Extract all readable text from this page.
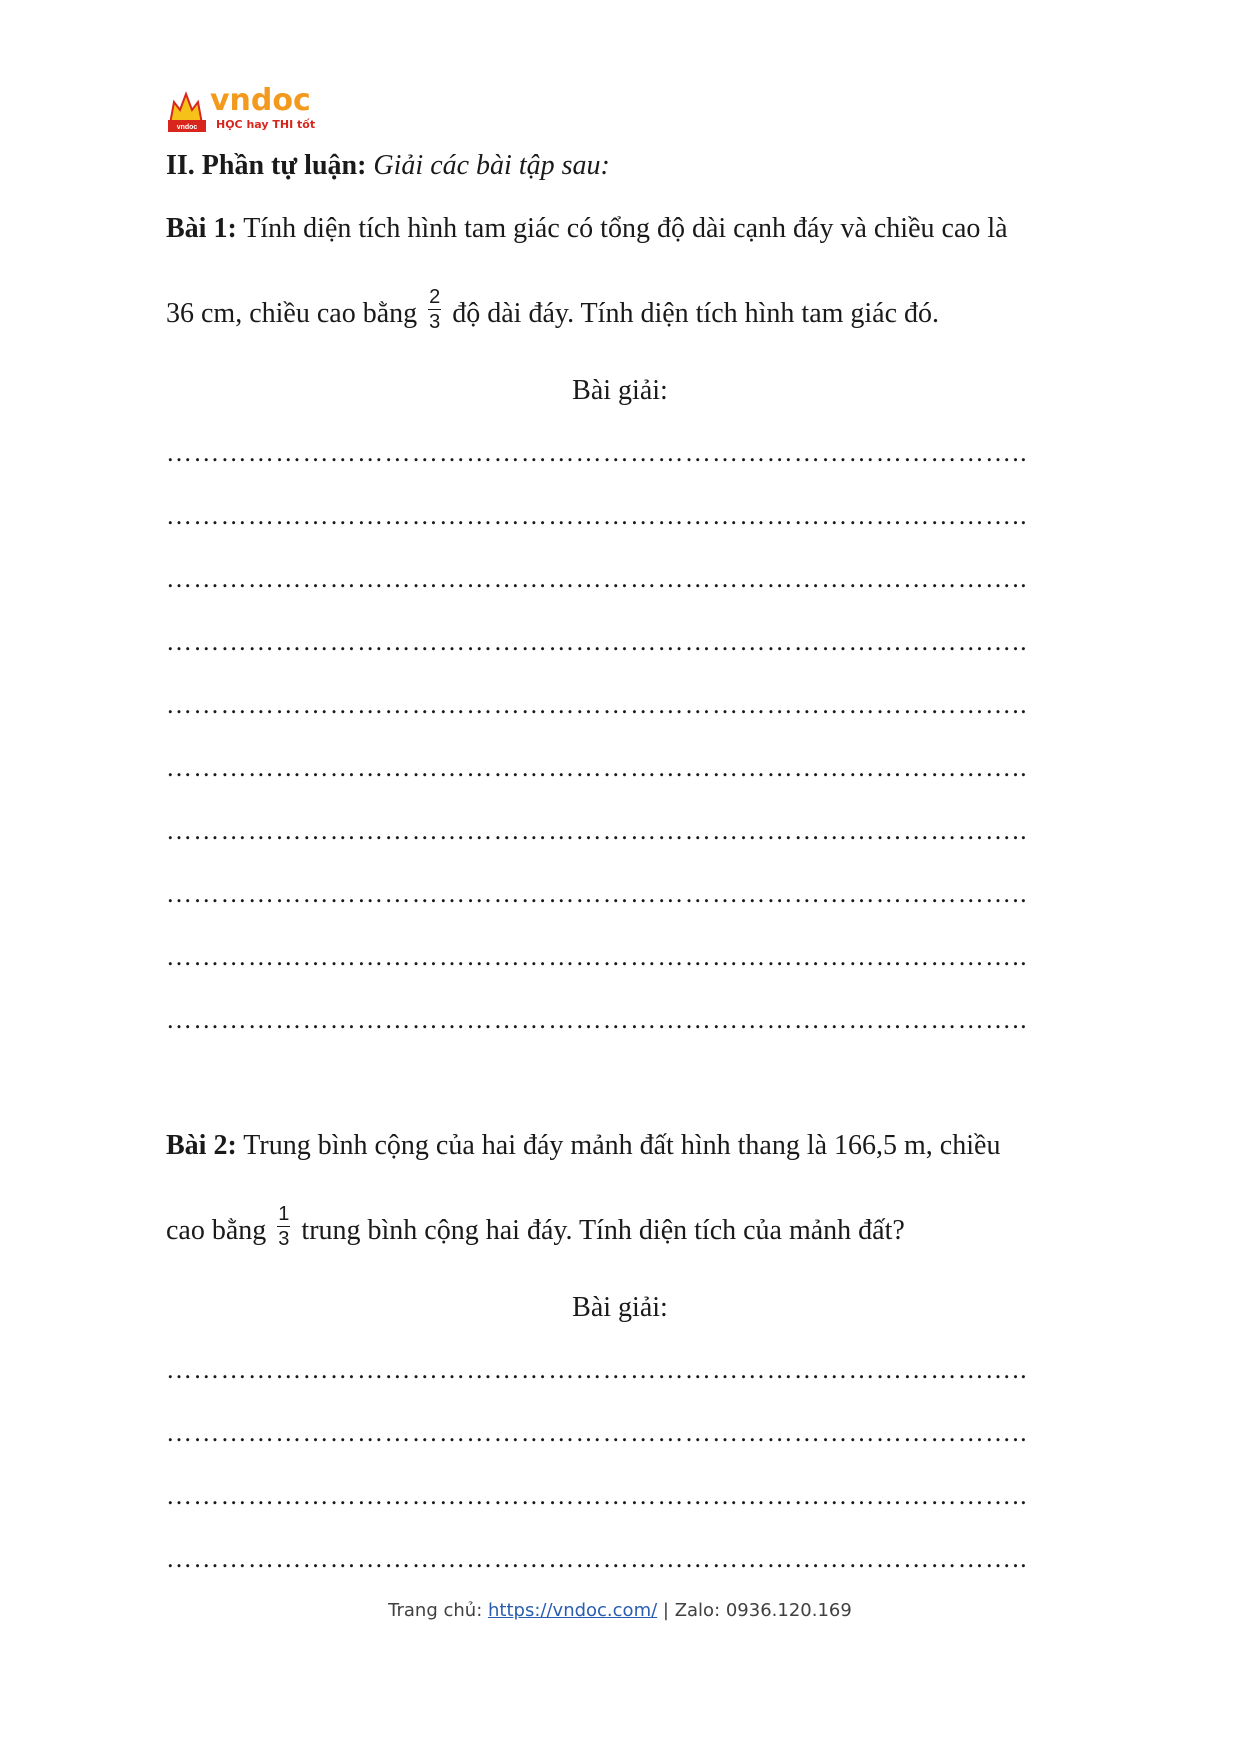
vndoc
vndoc
HỌC hay THI tốt
II. Phần tự luận: Giải các bài tập sau:
Bài 1: Tính diện tích hình tam giác có tổng độ dài cạnh đáy và chiều cao là
36 cm, chiều cao bằng $\frac{2}{3}$ độ dài đáy. Tính diện tích hình tam giác đó.
Bài giải:
…………………………………………………………………………………..
…………………………………………………………………………………..
…………………………………………………………………………………..
…………………………………………………………………………………..
…………………………………………………………………………………..
…………………………………………………………………………………..
…………………………………………………………………………………..
…………………………………………………………………………………..
…………………………………………………………………………………..
…………………………………………………………………………………..
Bài 2: Trung bình cộng của hai đáy mảnh đất hình thang là 166,5 m, chiều
cao bằng $\frac{1}{3}$ trung bình cộng hai đáy. Tính diện tích của mảnh đất?
Bài giải:
…………………………………………………………………………………..
…………………………………………………………………………………..
…………………………………………………………………………………..
…………………………………………………………………………………..
Trang chủ: https://vndoc.com/ | Zalo: 0936.120.169
